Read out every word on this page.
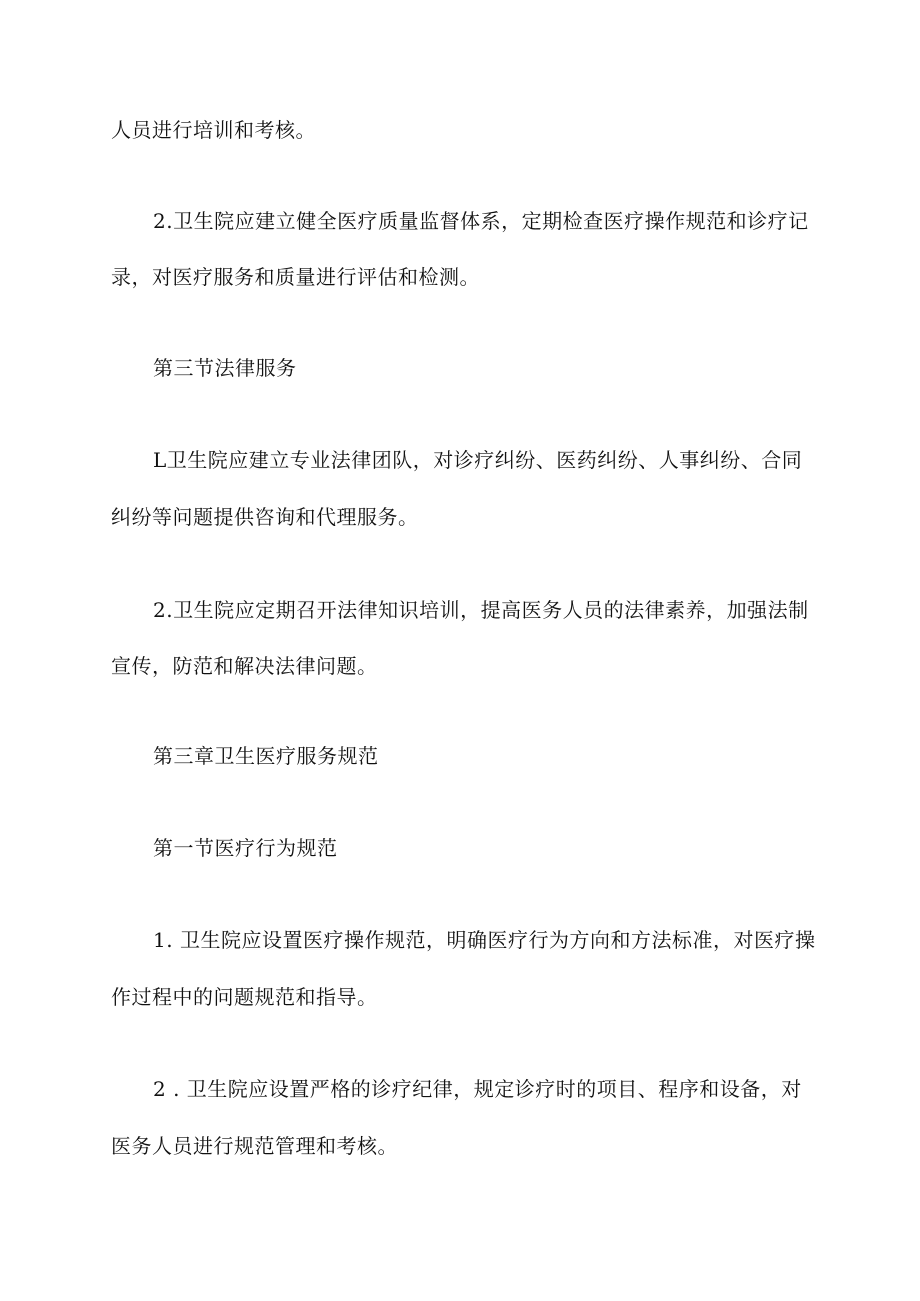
人员进行培训和考核。
2.卫生院应建立健全医疗质量监督体系，定期检查医疗操作规范和诊疗记
录，对医疗服务和质量进行评估和检测。
第三节法律服务
L卫生院应建立专业法律团队，对诊疗纠纷、医药纠纷、人事纠纷、合同
纠纷等问题提供咨询和代理服务。
2.卫生院应定期召开法律知识培训，提高医务人员的法律素养，加强法制
宣传，防范和解决法律问题。
第三章卫生医疗服务规范
第一节医疗行为规范
1. 卫生院应设置医疗操作规范，明确医疗行为方向和方法标准，对医疗操
作过程中的问题规范和指导。
2 . 卫生院应设置严格的诊疗纪律，规定诊疗时的项目、程序和设备，对
医务人员进行规范管理和考核。
